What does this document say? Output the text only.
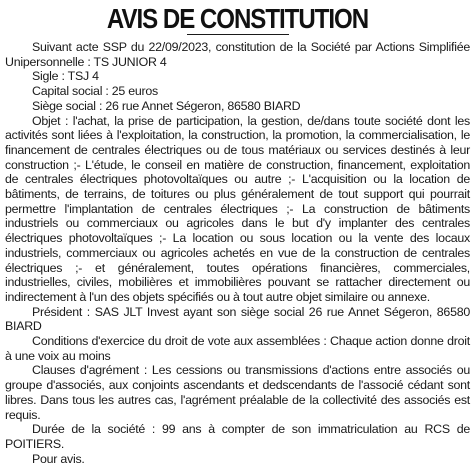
AVIS DE CONSTITUTION

Suivant acte SSP du 22/09/2023, constitution de la Société par Actions Simplifiée Unipersonnelle : TS JUNIOR 4

Sigle : TSJ 4

Capital social : 25 euros

Siège social : 26 rue Annet Ségeron, 86580 BIARD

Objet : l'achat, la prise de participation, la gestion, de/dans toute société dont les activités sont liées à l'exploitation, la construction, la promotion, la commercialisation, le financement de centrales électriques ou de tous matériaux ou services destinés à leur construction ;- L'étude, le conseil en matière de construction, financement, exploitation de centrales électriques photovoltaïques ou autre ;- L'acquisition ou la location de bâtiments, de terrains, de toitures ou plus généralement de tout support qui pourrait permettre l'implantation de centrales électriques ;- La construction de bâtiments industriels ou commerciaux ou agricoles dans le but d'y implanter des centrales électriques photovoltaïques ;- La location ou sous location ou la vente des locaux industriels, commerciaux ou agricoles achetés en vue de la construction de centrales électriques ;- et généralement, toutes opérations financières, commerciales, industrielles, civiles, mobilières et immobilières pouvant se rattacher directement ou indirectement à l'un des objets spécifiés ou à tout autre objet similaire ou annexe.

Président : SAS JLT Invest ayant son siège social 26 rue Annet Ségeron, 86580 BIARD

Conditions d'exercice du droit de vote aux assemblées : Chaque action donne droit à une voix au moins

Clauses d'agrément : Les cessions ou transmissions d'actions entre associés ou groupe d'associés, aux conjoints ascendants et dedscendants de l'associé cédant sont libres. Dans tous les autres cas, l'agrément préalable de la collectivité des associés est requis.

Durée de la société : 99 ans à compter de son immatriculation au RCS de POITIERS.

Pour avis.
